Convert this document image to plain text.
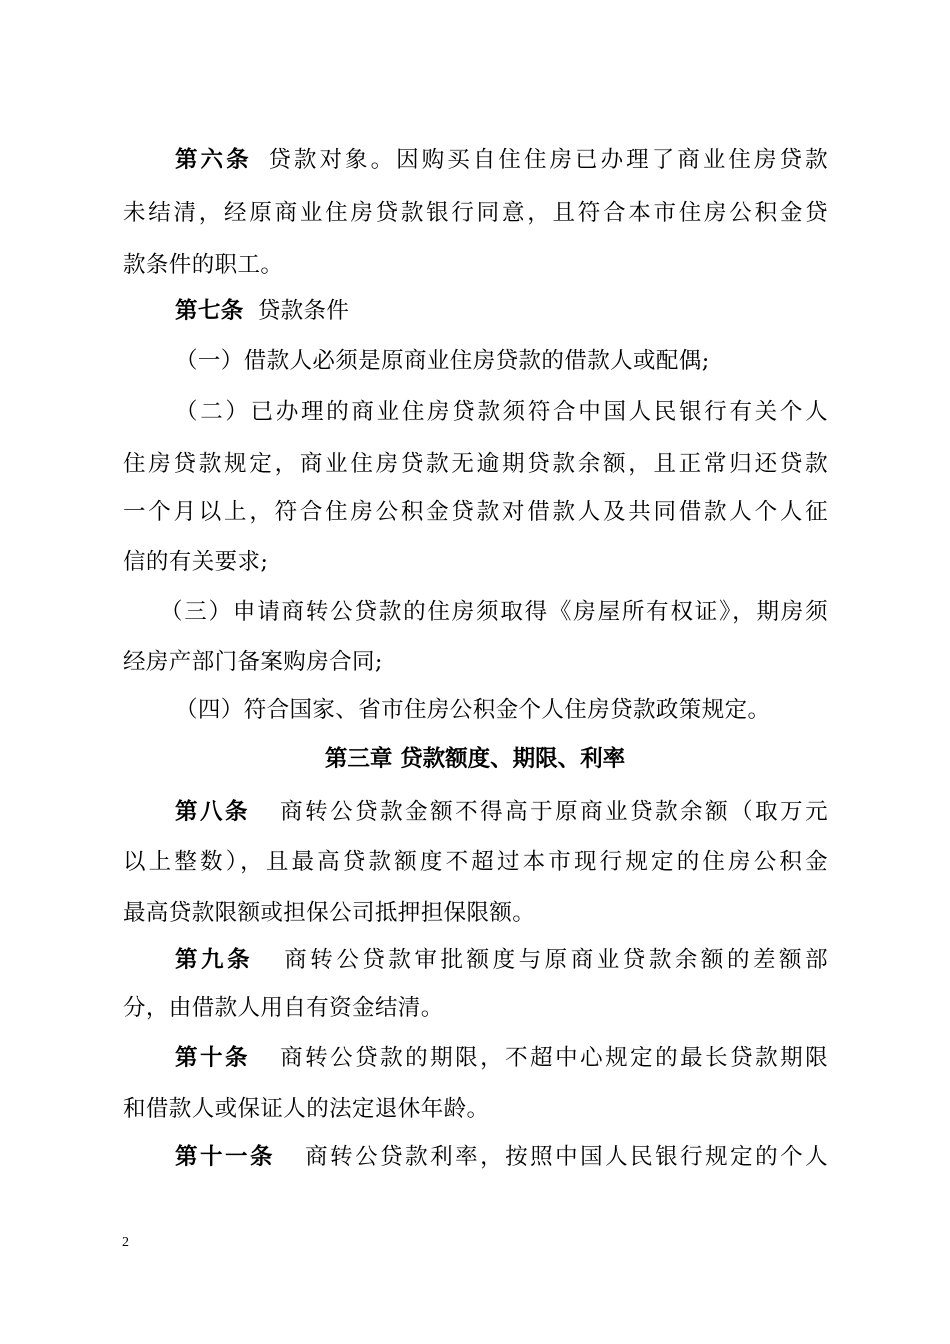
第六条 贷款对象。因购买自住住房已办理了商业住房贷款
未结清，经原商业住房贷款银行同意，且符合本市住房公积金贷
款条件的职工。
第七条 贷款条件
（一）借款人必须是原商业住房贷款的借款人或配偶;
（二）已办理的商业住房贷款须符合中国人民银行有关个人
住房贷款规定，商业住房贷款无逾期贷款余额，且正常归还贷款
一个月以上，符合住房公积金贷款对借款人及共同借款人个人征
信的有关要求;
（三）申请商转公贷款的住房须取得《房屋所有权证》，期房须
经房产部门备案购房合同;
（四）符合国家、省市住房公积金个人住房贷款政策规定。
第三章 贷款额度、期限、利率
第八条 商转公贷款金额不得高于原商业贷款余额（取万元
以上整数），且最高贷款额度不超过本市现行规定的住房公积金
最高贷款限额或担保公司抵押担保限额。
第九条 商转公贷款审批额度与原商业贷款余额的差额部
分，由借款人用自有资金结清。
第十条 商转公贷款的期限，不超中心规定的最长贷款期限
和借款人或保证人的法定退休年龄。
第十一条 商转公贷款利率，按照中国人民银行规定的个人
2
